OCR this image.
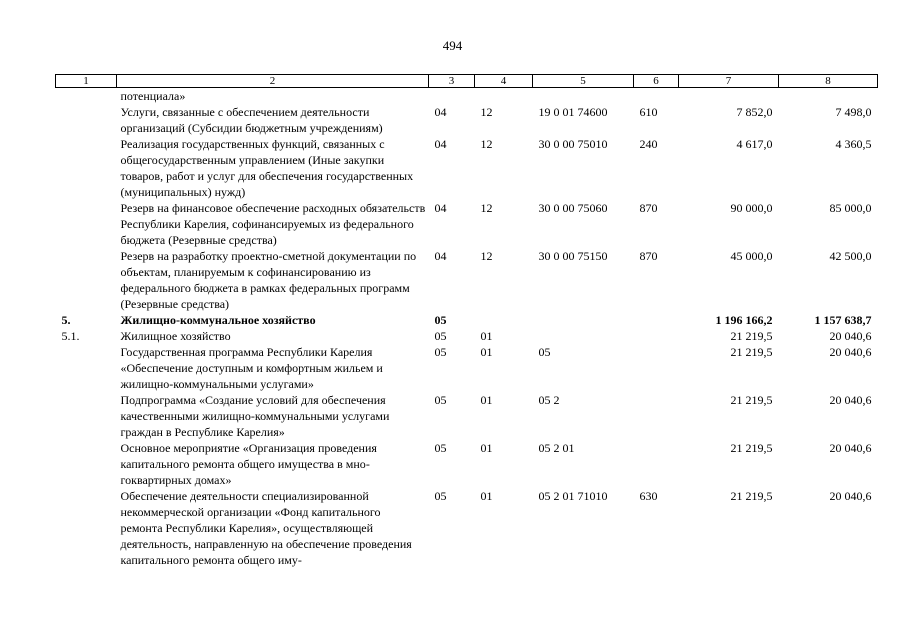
494
1	2	3	4	5	6	7	8
	потенциала»						
	Услуги, связанные с обеспечением деятельности организаций (Субсидии бюджетным учреждениям)	04	12	19 0 01 74600	610	7 852,0	7 498,0
	Реализация государственных функций, связанных с общегосударственным управлением (Иные закупки товаров, работ и услуг для обеспечения государственных (муниципальных) нужд)	04	12	30 0 00 75010	240	4 617,0	4 360,5
	Резерв на финансовое обеспечение расходных обязательств Республики Карелия, софинансируемых из федерального бюджета (Резервные средства)	04	12	30 0 00 75060	870	90 000,0	85 000,0
	Резерв на разработку проектно-сметной документации по объектам, планируемым к софинансированию из федерального бюджета в рамках федеральных программ (Резервные средства)	04	12	30 0 00 75150	870	45 000,0	42 500,0
5.	Жилищно-коммунальное хозяйство	05				1 196 166,2	1 157 638,7
5.1.	Жилищное хозяйство	05	01			21 219,5	20 040,6
	Государственная программа Республики Карелия «Обеспечение доступным и комфортным жильем и жилищно-коммунальными услугами»	05	01	05		21 219,5	20 040,6
	Подпрограмма «Создание условий для обеспечения качественными жилищно-коммунальными услугами граждан в Республике Карелия»	05	01	05 2		21 219,5	20 040,6
	Основное мероприятие «Организация проведения капитального ремонта общего имущества в многоквартирных домах»	05	01	05 2 01		21 219,5	20 040,6
	Обеспечение деятельности специализированной некоммерческой организации «Фонд капитального ремонта Республики Карелия», осуществляющей деятельность, направленную на обеспечение проведения капитального ремонта общего иму-	05	01	05 2 01 71010	630	21 219,5	20 040,6
